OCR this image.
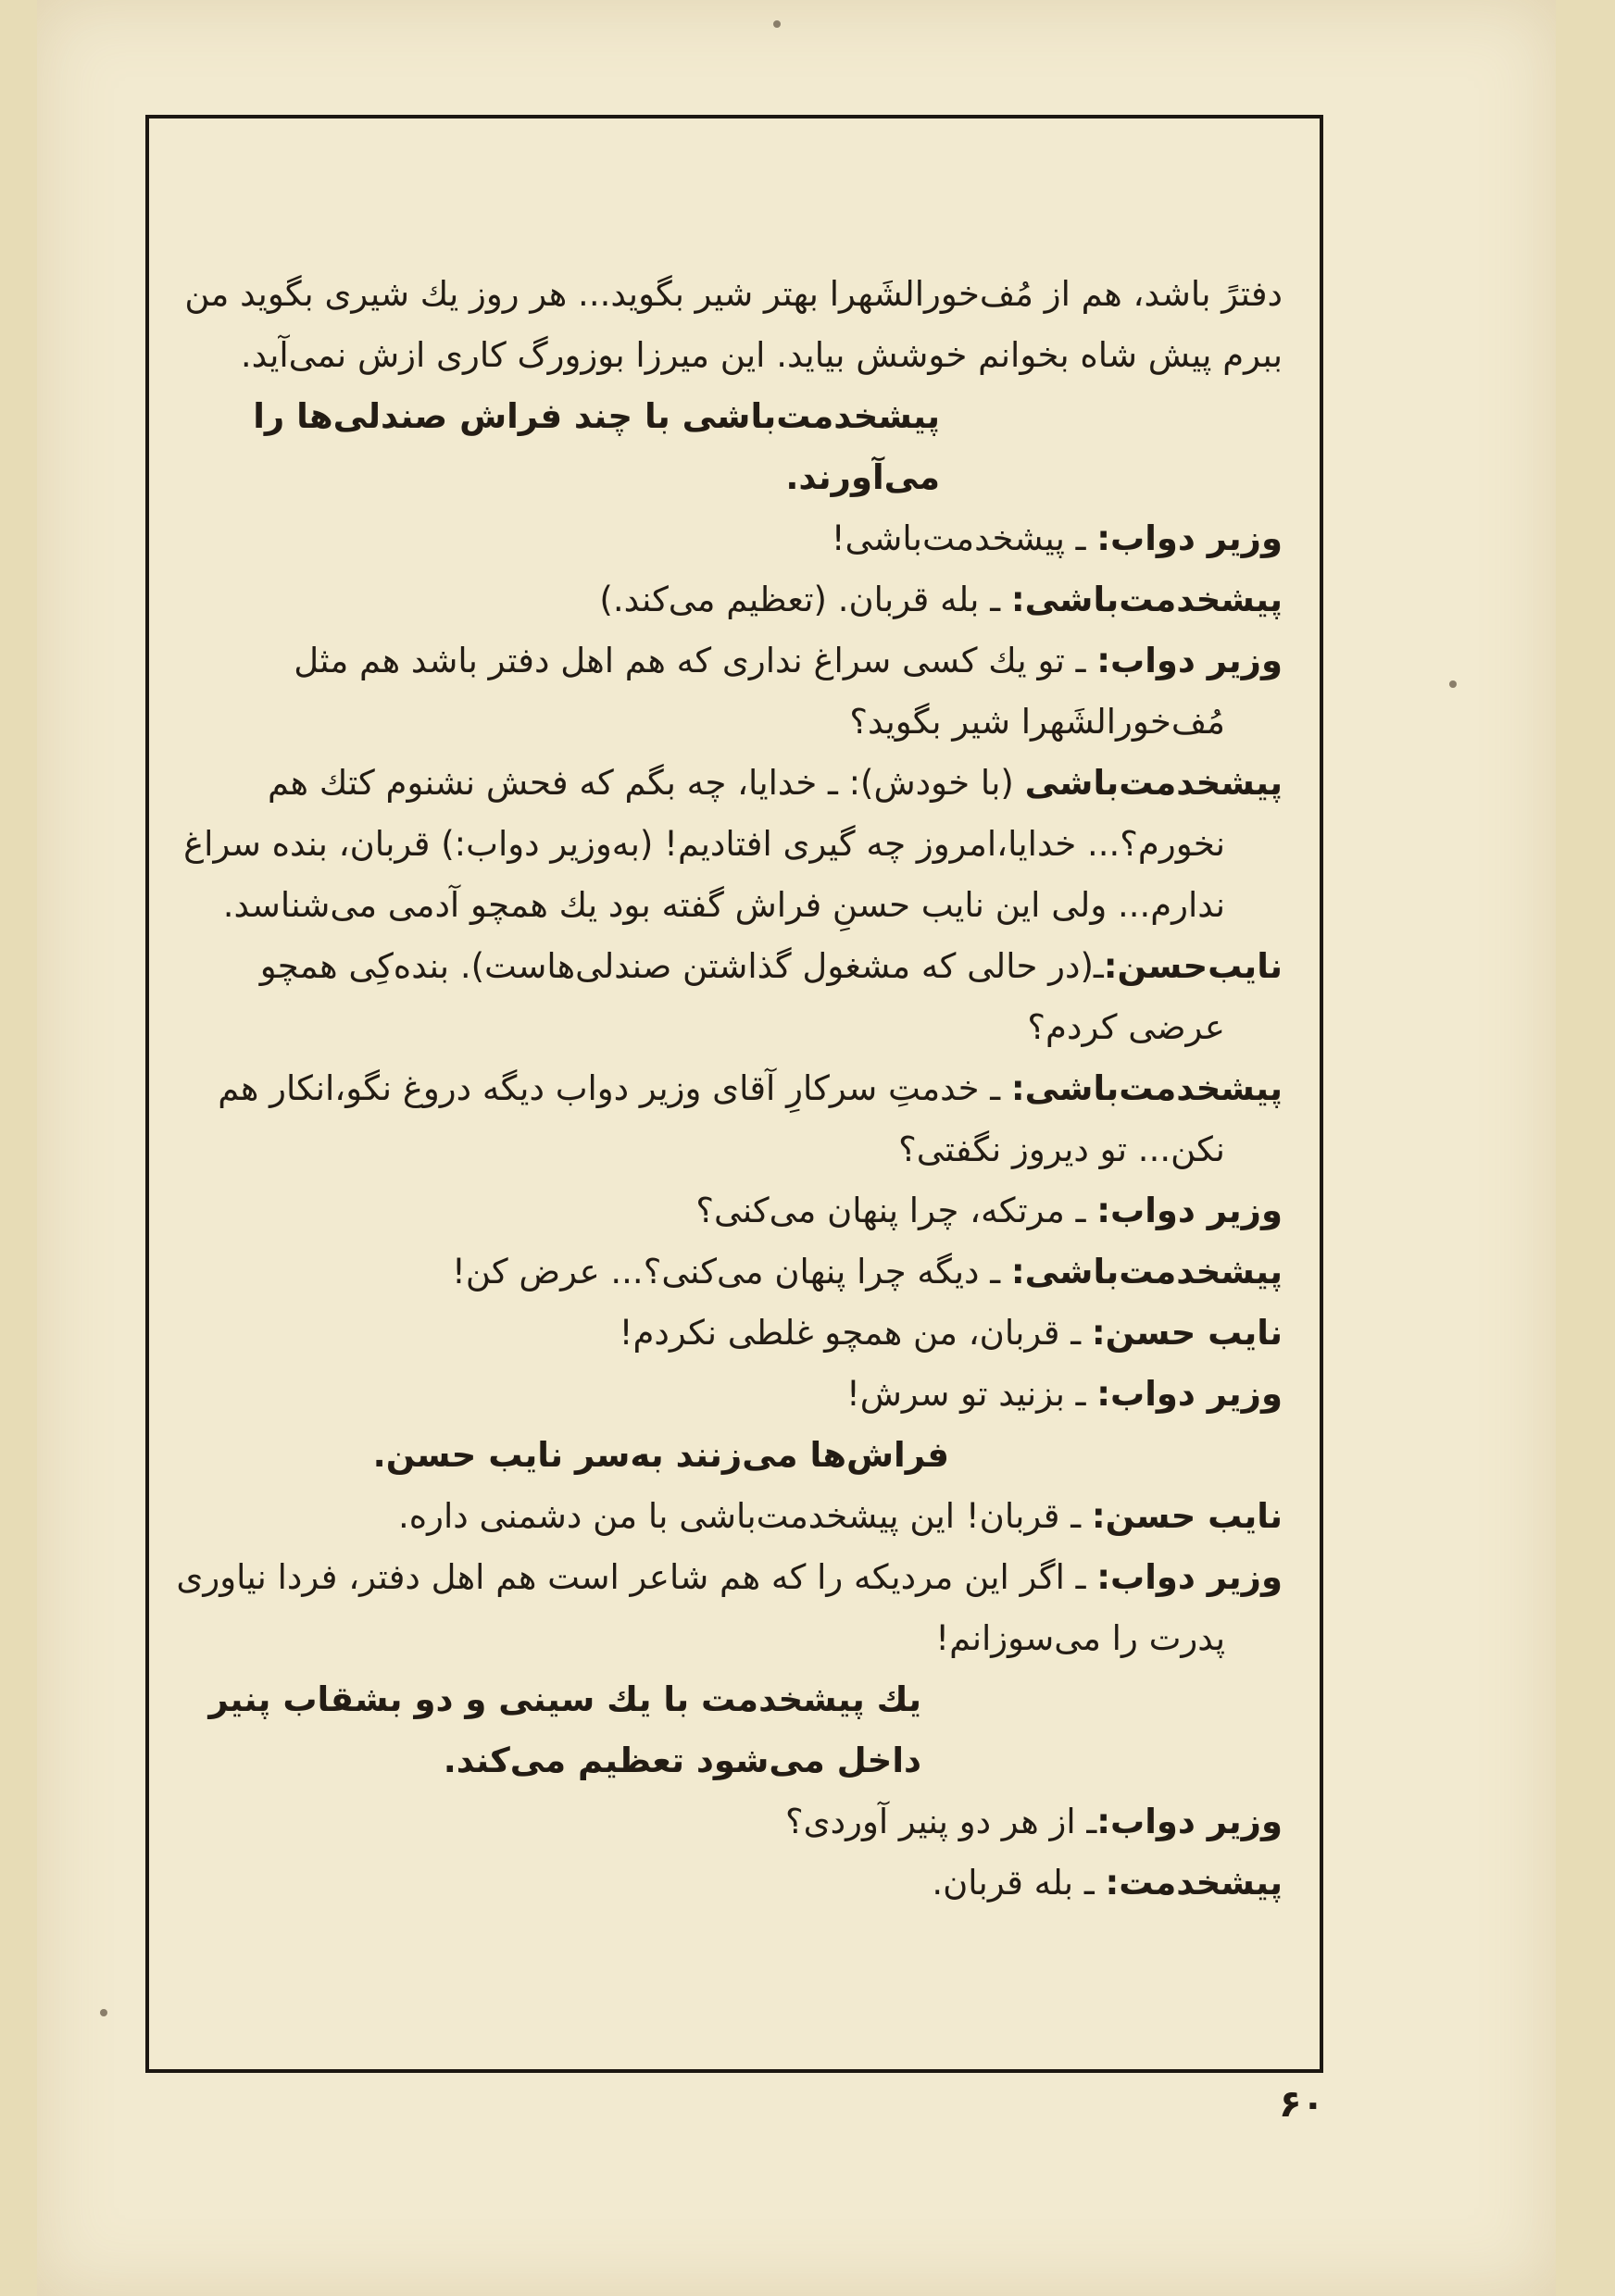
دفترً باشد، هم از مُف‌خورالشَهرا بهتر شیر بگوید... هر روز یك شیری بگوید من ببرم پیش شاه بخوانم خوشش بیاید. این میرزا بوزورگ کاری ازش نمی‌آید.

پیشخدمت‌باشی با چند فراش صندلی‌ها را می‌آورند.

وزیر دواب: ـ پیشخدمت‌باشی!

پیشخدمت‌باشی: ـ بله قربان. (تعظیم می‌کند.)

وزیر دواب: ـ تو یك کسی سراغ نداری که هم اهل دفتر باشد هم مثل مُف‌خورالشَهرا شیر بگوید؟

پیشخدمت‌باشی (با خودش): ـ خدایا، چه بگم که فحش نشنوم کتك هم نخورم؟... خدایا،امروز چه گیری افتادیم! (به‌وزیر دواب:) قربان، بنده سراغ ندارم... ولی این نایب حسنِ فراش گفته بود یك همچو آدمی می‌شناسد.

نایب‌حسن:ـ(در حالی که مشغول گذاشتن صندلی‌هاست). بنده‌کِی همچو عرضی کردم؟

پیشخدمت‌باشی: ـ خدمتِ سرکارِ آقای وزیر دواب دیگه دروغ نگو،انکار هم نکن... تو دیروز نگفتی؟

وزیر دواب: ـ مرتکه، چرا پنهان می‌کنی؟

پیشخدمت‌باشی: ـ دیگه چرا پنهان می‌کنی؟... عرض کن!

نایب حسن: ـ قربان، من همچو غلطی نکردم!

وزیر دواب: ـ بزنید تو سرش!

فراش‌ها می‌زنند به‌سر نایب حسن.

نایب حسن: ـ قربان! این پیشخدمت‌باشی با من دشمنی داره.

وزیر دواب: ـ اگر این مردیکه را که هم شاعر است هم اهل دفتر، فردا نیاوری پدرت را می‌سوزانم!

یك پیشخدمت با یك سینی و دو بشقاب پنیر داخل می‌شود تعظیم می‌کند.

وزیر دواب:ـ از هر دو پنیر آوردی؟

پیشخدمت: ـ بله قربان.

۶۰
